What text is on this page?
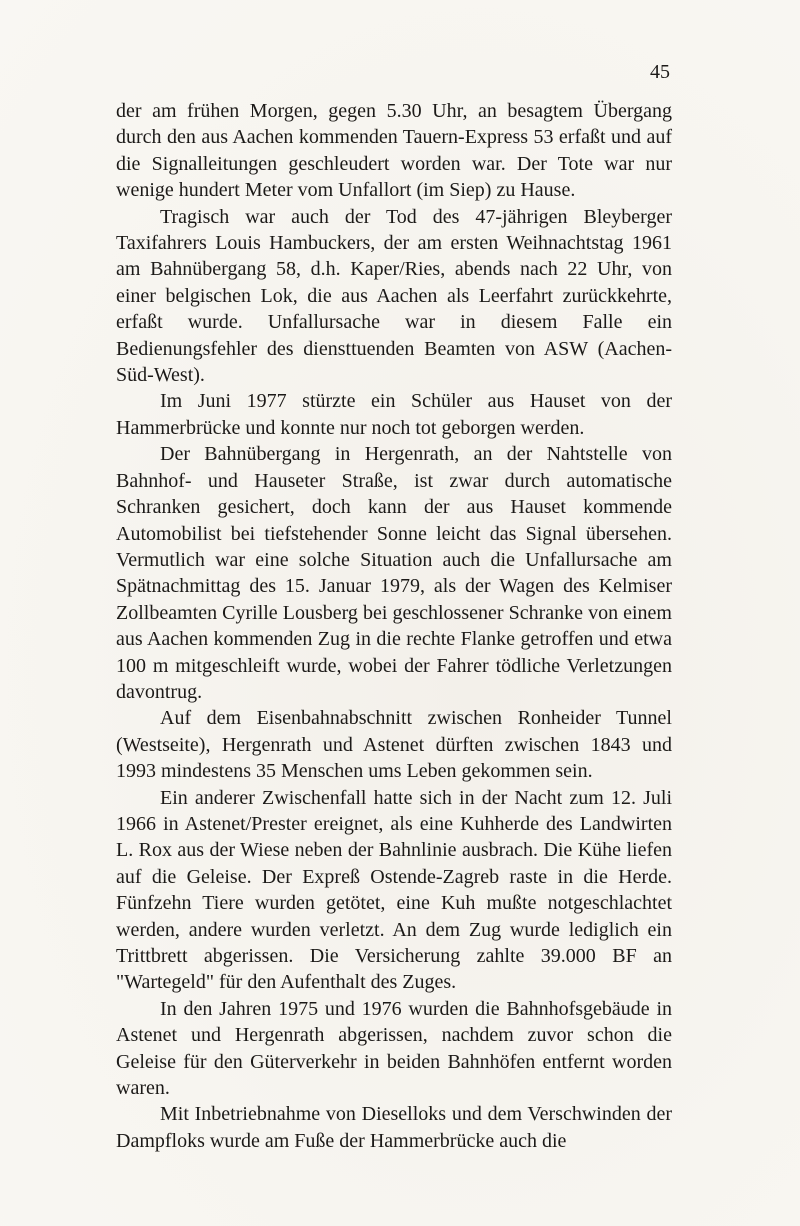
45

der am frühen Morgen, gegen 5.30 Uhr, an besagtem Übergang durch den aus Aachen kommenden Tauern-Express 53 erfaßt und auf die Signalleitungen geschleudert worden war. Der Tote war nur wenige hundert Meter vom Unfallort (im Siep) zu Hause.

Tragisch war auch der Tod des 47-jährigen Bleyberger Taxifahrers Louis Hambuckers, der am ersten Weihnachtstag 1961 am Bahnübergang 58, d.h. Kaper/Ries, abends nach 22 Uhr, von einer belgischen Lok, die aus Aachen als Leerfahrt zurückkehrte, erfaßt wurde. Unfallursache war in diesem Falle ein Bedienungsfehler des diensttuenden Beamten von ASW (Aachen-Süd-West).

Im Juni 1977 stürzte ein Schüler aus Hauset von der Hammerbrücke und konnte nur noch tot geborgen werden.

Der Bahnübergang in Hergenrath, an der Nahtstelle von Bahnhof- und Hauseter Straße, ist zwar durch automatische Schranken gesichert, doch kann der aus Hauset kommende Automobilist bei tiefstehender Sonne leicht das Signal übersehen. Vermutlich war eine solche Situation auch die Unfallursache am Spätnachmittag des 15. Januar 1979, als der Wagen des Kelmiser Zollbeamten Cyrille Lousberg bei geschlossener Schranke von einem aus Aachen kommenden Zug in die rechte Flanke getroffen und etwa 100 m mitgeschleift wurde, wobei der Fahrer tödliche Verletzungen davontrug.

Auf dem Eisenbahnabschnitt zwischen Ronheider Tunnel (Westseite), Hergenrath und Astenet dürften zwischen 1843 und 1993 mindestens 35 Menschen ums Leben gekommen sein.

Ein anderer Zwischenfall hatte sich in der Nacht zum 12. Juli 1966 in Astenet/Prester ereignet, als eine Kuhherde des Landwirten L. Rox aus der Wiese neben der Bahnlinie ausbrach. Die Kühe liefen auf die Geleise. Der Expreß Ostende-Zagreb raste in die Herde. Fünfzehn Tiere wurden getötet, eine Kuh mußte notgeschlachtet werden, andere wurden verletzt. An dem Zug wurde lediglich ein Trittbrett abgerissen. Die Versicherung zahlte 39.000 BF an "Wartegeld" für den Aufenthalt des Zuges.

In den Jahren 1975 und 1976 wurden die Bahnhofsgebäude in Astenet und Hergenrath abgerissen, nachdem zuvor schon die Geleise für den Güterverkehr in beiden Bahnhöfen entfernt worden waren.

Mit Inbetriebnahme von Dieselloks und dem Verschwinden der Dampfloks wurde am Fuße der Hammerbrücke auch die
